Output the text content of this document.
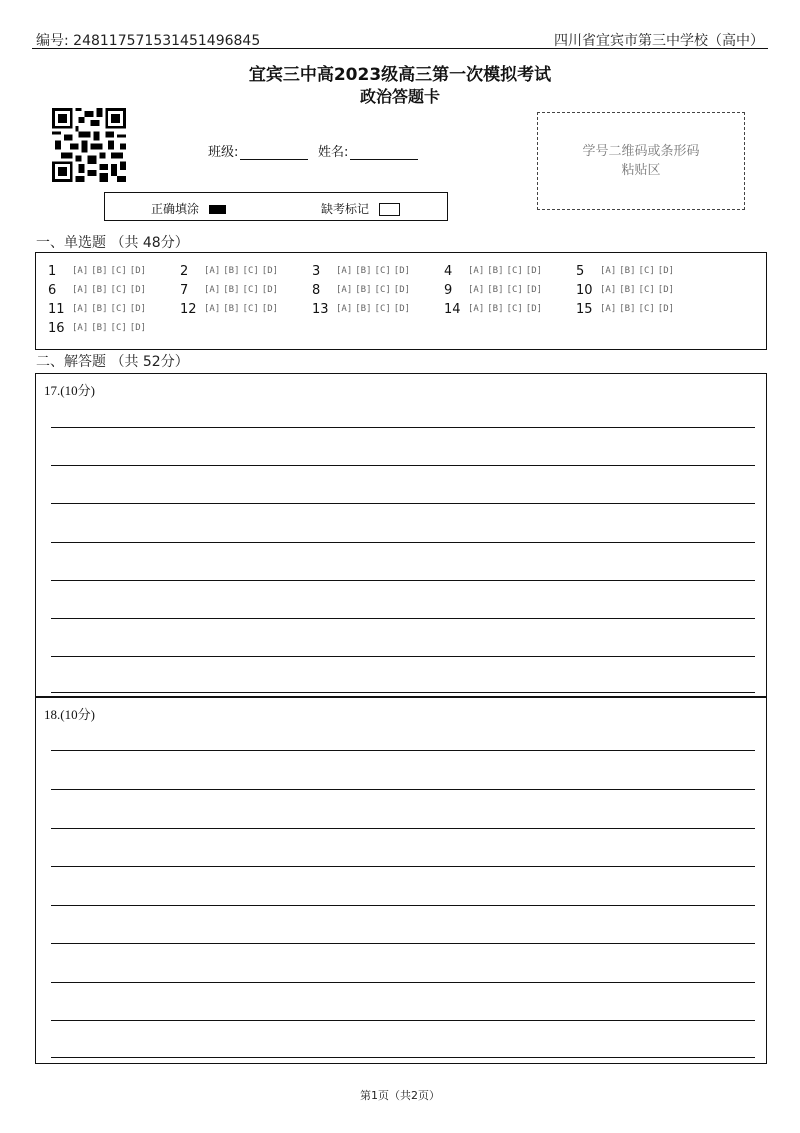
编号: 24811757153145149​6845	四川省宜宾市第三中学校（高中）
宜宾三中高2023级高三第一次模拟考试
政治答题卡
班级:	姓名:	学号二维码或条形码
粘贴区
正确填涂	缺考标记
一、单选题 （共 48分）
1	[A] [B] [C] [D]	2	[A] [B] [C] [D]	3	[A] [B] [C] [D]	4	[A] [B] [C] [D]	5	[A] [B] [C] [D]
6	[A] [B] [C] [D]	7	[A] [B] [C] [D]	8	[A] [B] [C] [D]	9	[A] [B] [C] [D]	10 [A] [B] [C] [D]
11 [A] [B] [C] [D]	12 [A] [B] [C] [D]	13 [A] [B] [C] [D]	14 [A] [B] [C] [D]	15 [A] [B] [C] [D]
16 [A] [B] [C] [D]
二、解答题 （共 52分）
17.(10分)
18.(10分)
第1页（共2页）
